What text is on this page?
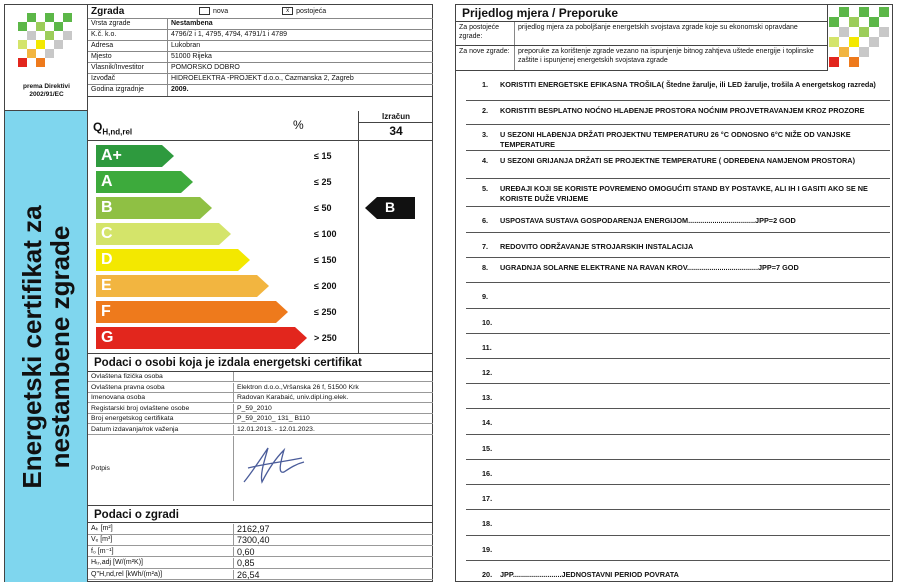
prema Direktivi
2002/91/EC
Zgrada	nova	x postojeća
Vrsta zgrade	Nestambena
K.č. k.o.	4796/2 i 1, 4795, 4794, 4791/1 i 4789
Adresa	Lukobran
Mjesto	51000 Rijeka
Vlasnik/Investitor	POMORSKO DOBRO
Izvođač	HIDROELEKTRA -PROJEKT d.o.o., Čazmanska 2, Zagreb
Godina izgradnje	2009.
Energetski certifikat za
nestambene zgrade
$Q_{H,nd,rel}$	%
Izračun
34
A+	≤ 15
A	≤ 25
B	≤ 50
C	≤ 100
D	≤ 150
E	≤ 200
F	≤ 250
G	> 250
B
Podaci o osobi koja je izdala energetski certifikat
Ovlaštena fizička osoba
Ovlaštena pravna osoba	Elektron d.o.o.,Vršanska 26 f, 51500 Krk
Imenovana osoba	Radovan Karabaić, univ.dipl.ing.elek.
Registarski broj ovlaštene osobe	P_59_2010
Broj energetskog certifikata	P_59_2010_ 131_ B110
Datum izdavanja/rok važenja	12.01.2013. - 12.01.2023.
Potpis
Podaci o zgradi
Aₖ [m²]	2162,97
Vₑ [m³]	7300,40
f₀ [m⁻¹]	0,60
Hₜᵣ,adj [W/(m²K)]	0,85
Q''H,nd,rel [kWh/(m²a)]	26,54
Prijedlog mjera / Preporuke
Za postojeće zgrade:
prijedlog mjera za poboljšanje energetskih svojstava zgrade koje su ekonomski opravdane
Za nove zgrade:	preporuke za korištenje zgrade vezano na ispunjenje bitnog zahtjeva uštede energije i toplinske zaštite i ispunjenej energetskih svojstava zgrade
1.	KORISTITI ENERGETSKE EFIKASNA TROŠILA( Štedne žarulje, ili LED žarulje, trošila A energetskog razreda)
2.	KORISTITI BESPLATNO NOĆNO HLAĐENJE PROSTORA NOĆNIM PROJVETRAVANJEM KROZ PROZORE
3.	U SEZONI HLAĐENJA DRŽATI PROJEKTNU TEMPERATURU 26 °C ODNOSNO 6°C NIŽE OD VANJSKE TEMPERATURE
4.	U SEZONI GRIJANJA DRŽATI SE PROJEKTNE TEMPERATURE ( ODREĐENA NAMJENOM PROSTORA)
5.	UREĐAJI KOJI SE KORISTE POVREMENO OMOGUĆITI STAND BY POSTAVKE, ALI IH I GASITI AKO SE NE KORISTE DUŽE VRIJEME
6.	USPOSTAVA SUSTAVA GOSPODARENJA ENERGIJOM.................................JPP=2 GOD
7.	REDOVITO ODRŽAVANJE STROJARSKIH INSTALACIJA
8.	UGRADNJA SOLARNE ELEKTRANE NA RAVAN KROV...................................JPP=7 GOD
9.
10.
11.
12.
13.
14.
15.
16.
17.
18.
19.
20.	JPP........................JEDNOSTAVNI PERIOD POVRATA
